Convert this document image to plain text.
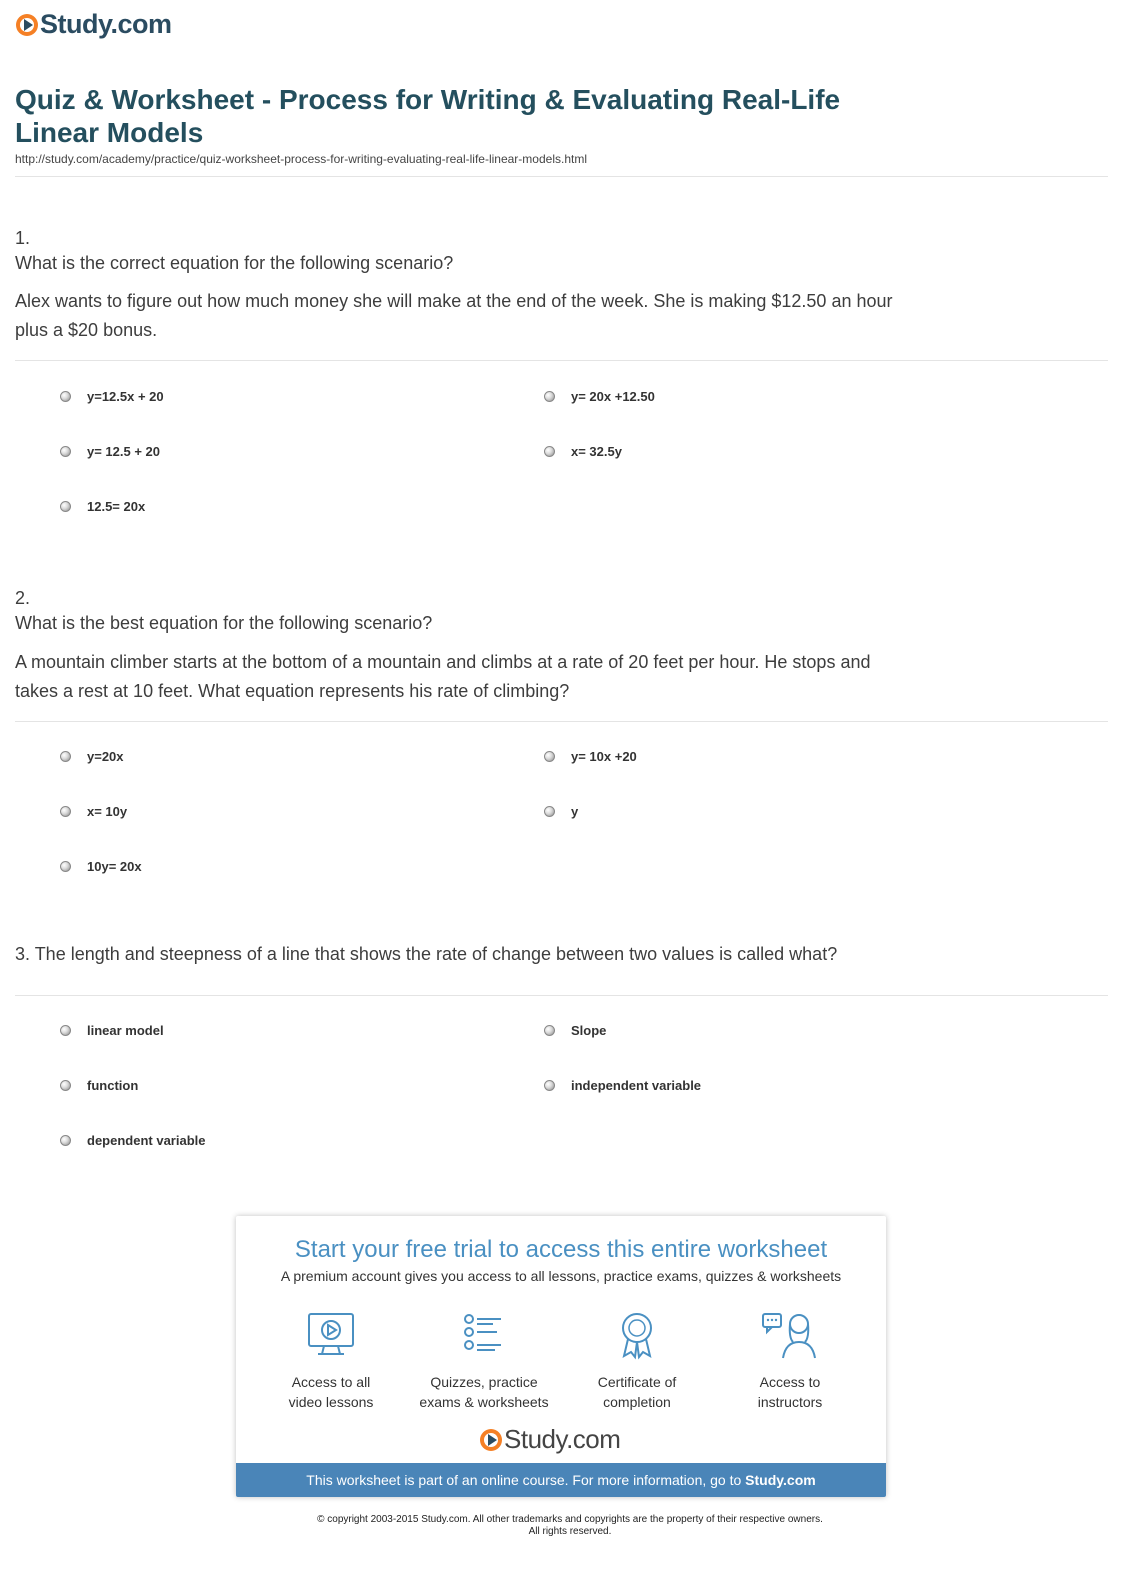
Study.com
Quiz & Worksheet - Process for Writing & Evaluating Real-Life Linear Models
http://study.com/academy/practice/quiz-worksheet-process-for-writing-evaluating-real-life-linear-models.html
1.
What is the correct equation for the following scenario?
Alex wants to figure out how much money she will make at the end of the week. She is making $12.50 an hour plus a $20 bonus.
y=12.5x + 20	y= 20x +12.50
y= 12.5 + 20	x= 32.5y
12.5= 20x
2.
What is the best equation for the following scenario?
A mountain climber starts at the bottom of a mountain and climbs at a rate of 20 feet per hour. He stops and takes a rest at 10 feet. What equation represents his rate of climbing?
y=20x	y= 10x +20
x= 10y	y
10y= 20x
3. The length and steepness of a line that shows the rate of change between two values is called what?
linear model	Slope
function	independent variable
dependent variable
Start your free trial to access this entire worksheet
A premium account gives you access to all lessons, practice exams, quizzes & worksheets
Access to all
video lessons
Quizzes, practice
exams & worksheets
Certificate of
completion
Access to
instructors
Study.com
This worksheet is part of an online course. For more information, go to Study.com
© copyright 2003-2015 Study.com. All other trademarks and copyrights are the property of their respective owners.
All rights reserved.
